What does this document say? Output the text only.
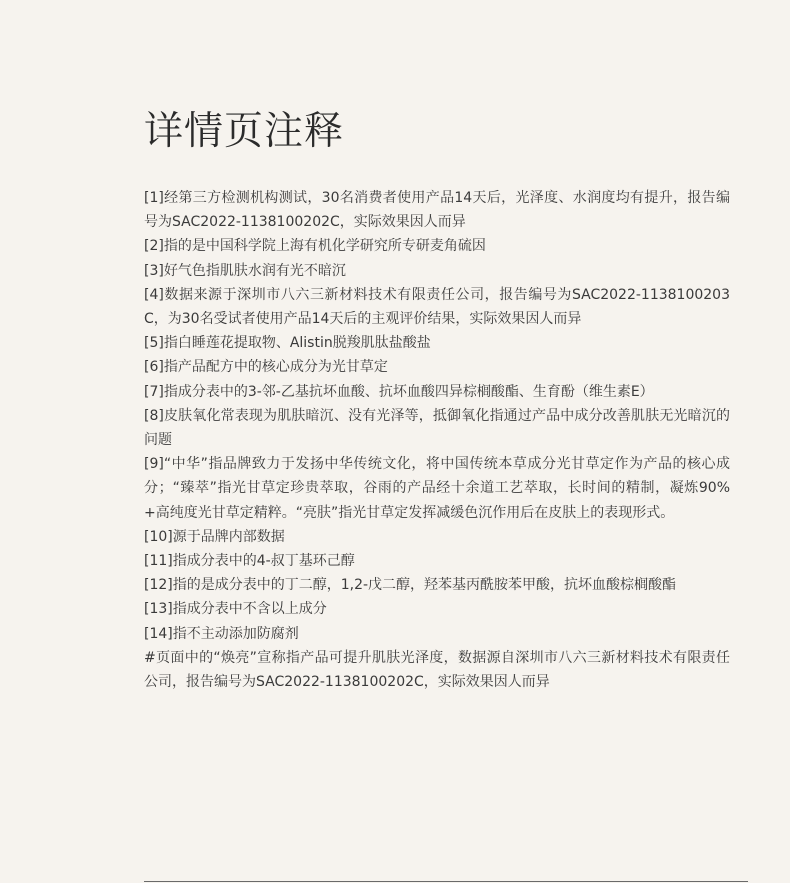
详情页注释
[1]经第三方检测机构测试，30名消费者使用产品14天后，光泽度、水润度均有提升，报告编号为SAC2022-1138100202C，实际效果因人而异
[2]指的是中国科学院上海有机化学研究所专研麦角硫因
[3]好气色指肌肤水润有光不暗沉
[4]数据来源于深圳市八六三新材料技术有限责任公司，报告编号为SAC2022-1138100203C，为30名受试者使用产品14天后的主观评价结果，实际效果因人而异
[5]指白睡莲花提取物、Alistin脱羧肌肽盐酸盐
[6]指产品配方中的核心成分为光甘草定
[7]指成分表中的3-邻-乙基抗坏血酸、抗坏血酸四异棕榈酸酯、生育酚（维生素E）
[8]皮肤氧化常表现为肌肤暗沉、没有光泽等，抵御氧化指通过产品中成分改善肌肤无光暗沉的问题
[9]“中华”指品牌致力于发扬中华传统文化，将中国传统本草成分光甘草定作为产品的核心成分；“臻萃”指光甘草定珍贵萃取，谷雨的产品经十余道工艺萃取，长时间的精制，凝炼90%+高纯度光甘草定精粹。“亮肤”指光甘草定发挥减缓色沉作用后在皮肤上的表现形式。
[10]源于品牌内部数据
[11]指成分表中的4-叔丁基环己醇
[12]指的是成分表中的丁二醇，1,2-戊二醇，羟苯基丙酰胺苯甲酸，抗坏血酸棕榈酸酯
[13]指成分表中不含以上成分
[14]指不主动添加防腐剂
#页面中的“焕亮”宣称指产品可提升肌肤光泽度，数据源自深圳市八六三新材料技术有限责任公司，报告编号为SAC2022-1138100202C，实际效果因人而异
